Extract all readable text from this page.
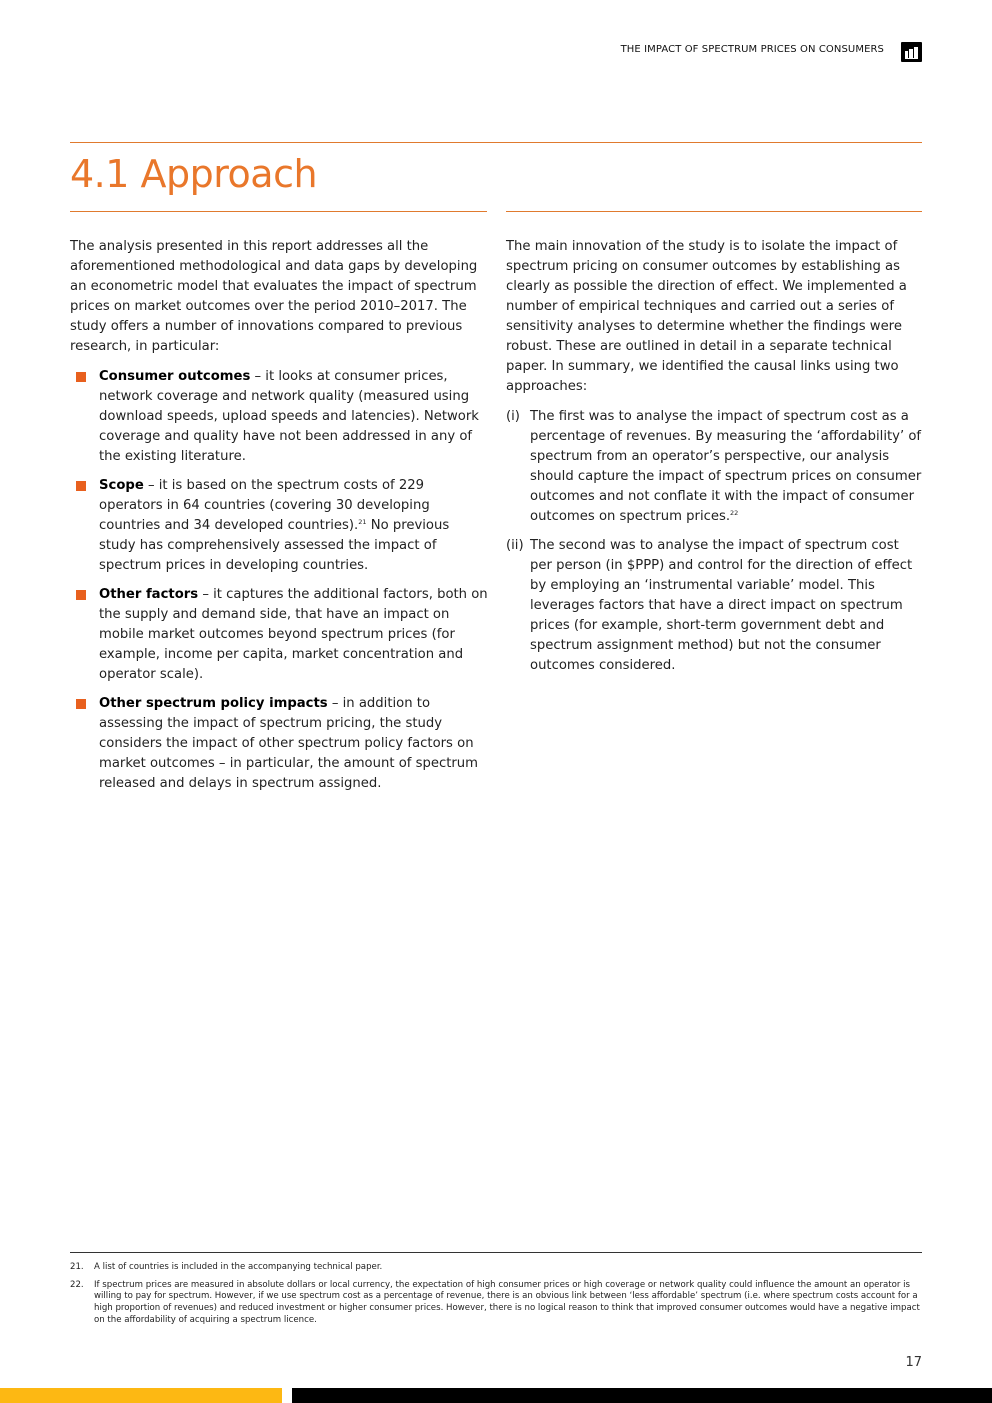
THE IMPACT OF SPECTRUM PRICES ON CONSUMERS
4.1 Approach

The analysis presented in this report addresses all the aforementioned methodological and data gaps by developing an econometric model that evaluates the impact of spectrum prices on market outcomes over the period 2010–2017. The study offers a number of innovations compared to previous research, in particular:

Consumer outcomes – it looks at consumer prices, network coverage and network quality (measured using download speeds, upload speeds and latencies). Network coverage and quality have not been addressed in any of the existing literature.
Scope – it is based on the spectrum costs of 229 operators in 64 countries (covering 30 developing countries and 34 developed countries).$^{21}$ No previous study has comprehensively assessed the impact of spectrum prices in developing countries.
Other factors – it captures the additional factors, both on the supply and demand side, that have an impact on mobile market outcomes beyond spectrum prices (for example, income per capita, market concentration and operator scale).
Other spectrum policy impacts – in addition to assessing the impact of spectrum pricing, the study considers the impact of other spectrum policy factors on market outcomes – in particular, the amount of spectrum released and delays in spectrum assigned.

The main innovation of the study is to isolate the impact of spectrum pricing on consumer outcomes by establishing as clearly as possible the direction of effect. We implemented a number of empirical techniques and carried out a series of sensitivity analyses to determine whether the findings were robust. These are outlined in detail in a separate technical paper. In summary, we identified the causal links using two approaches:

(i) The first was to analyse the impact of spectrum cost as a percentage of revenues. By measuring the ‘affordability’ of spectrum from an operator’s perspective, our analysis should capture the impact of spectrum prices on consumer outcomes and not conflate it with the impact of consumer outcomes on spectrum prices.$^{22}$
(ii) The second was to analyse the impact of spectrum cost per person (in $PPP) and control for the direction of effect by employing an ‘instrumental variable’ model. This leverages factors that have a direct impact on spectrum prices (for example, short-term government debt and spectrum assignment method) but not the consumer outcomes considered.
21. A list of countries is included in the accompanying technical paper.
22. If spectrum prices are measured in absolute dollars or local currency, the expectation of high consumer prices or high coverage or network quality could influence the amount an operator is willing to pay for spectrum. However, if we use spectrum cost as a percentage of revenue, there is an obvious link between ‘less affordable’ spectrum (i.e. where spectrum costs account for a high proportion of revenues) and reduced investment or higher consumer prices. However, there is no logical reason to think that improved consumer outcomes would have a negative impact on the affordability of acquiring a spectrum licence.
17
